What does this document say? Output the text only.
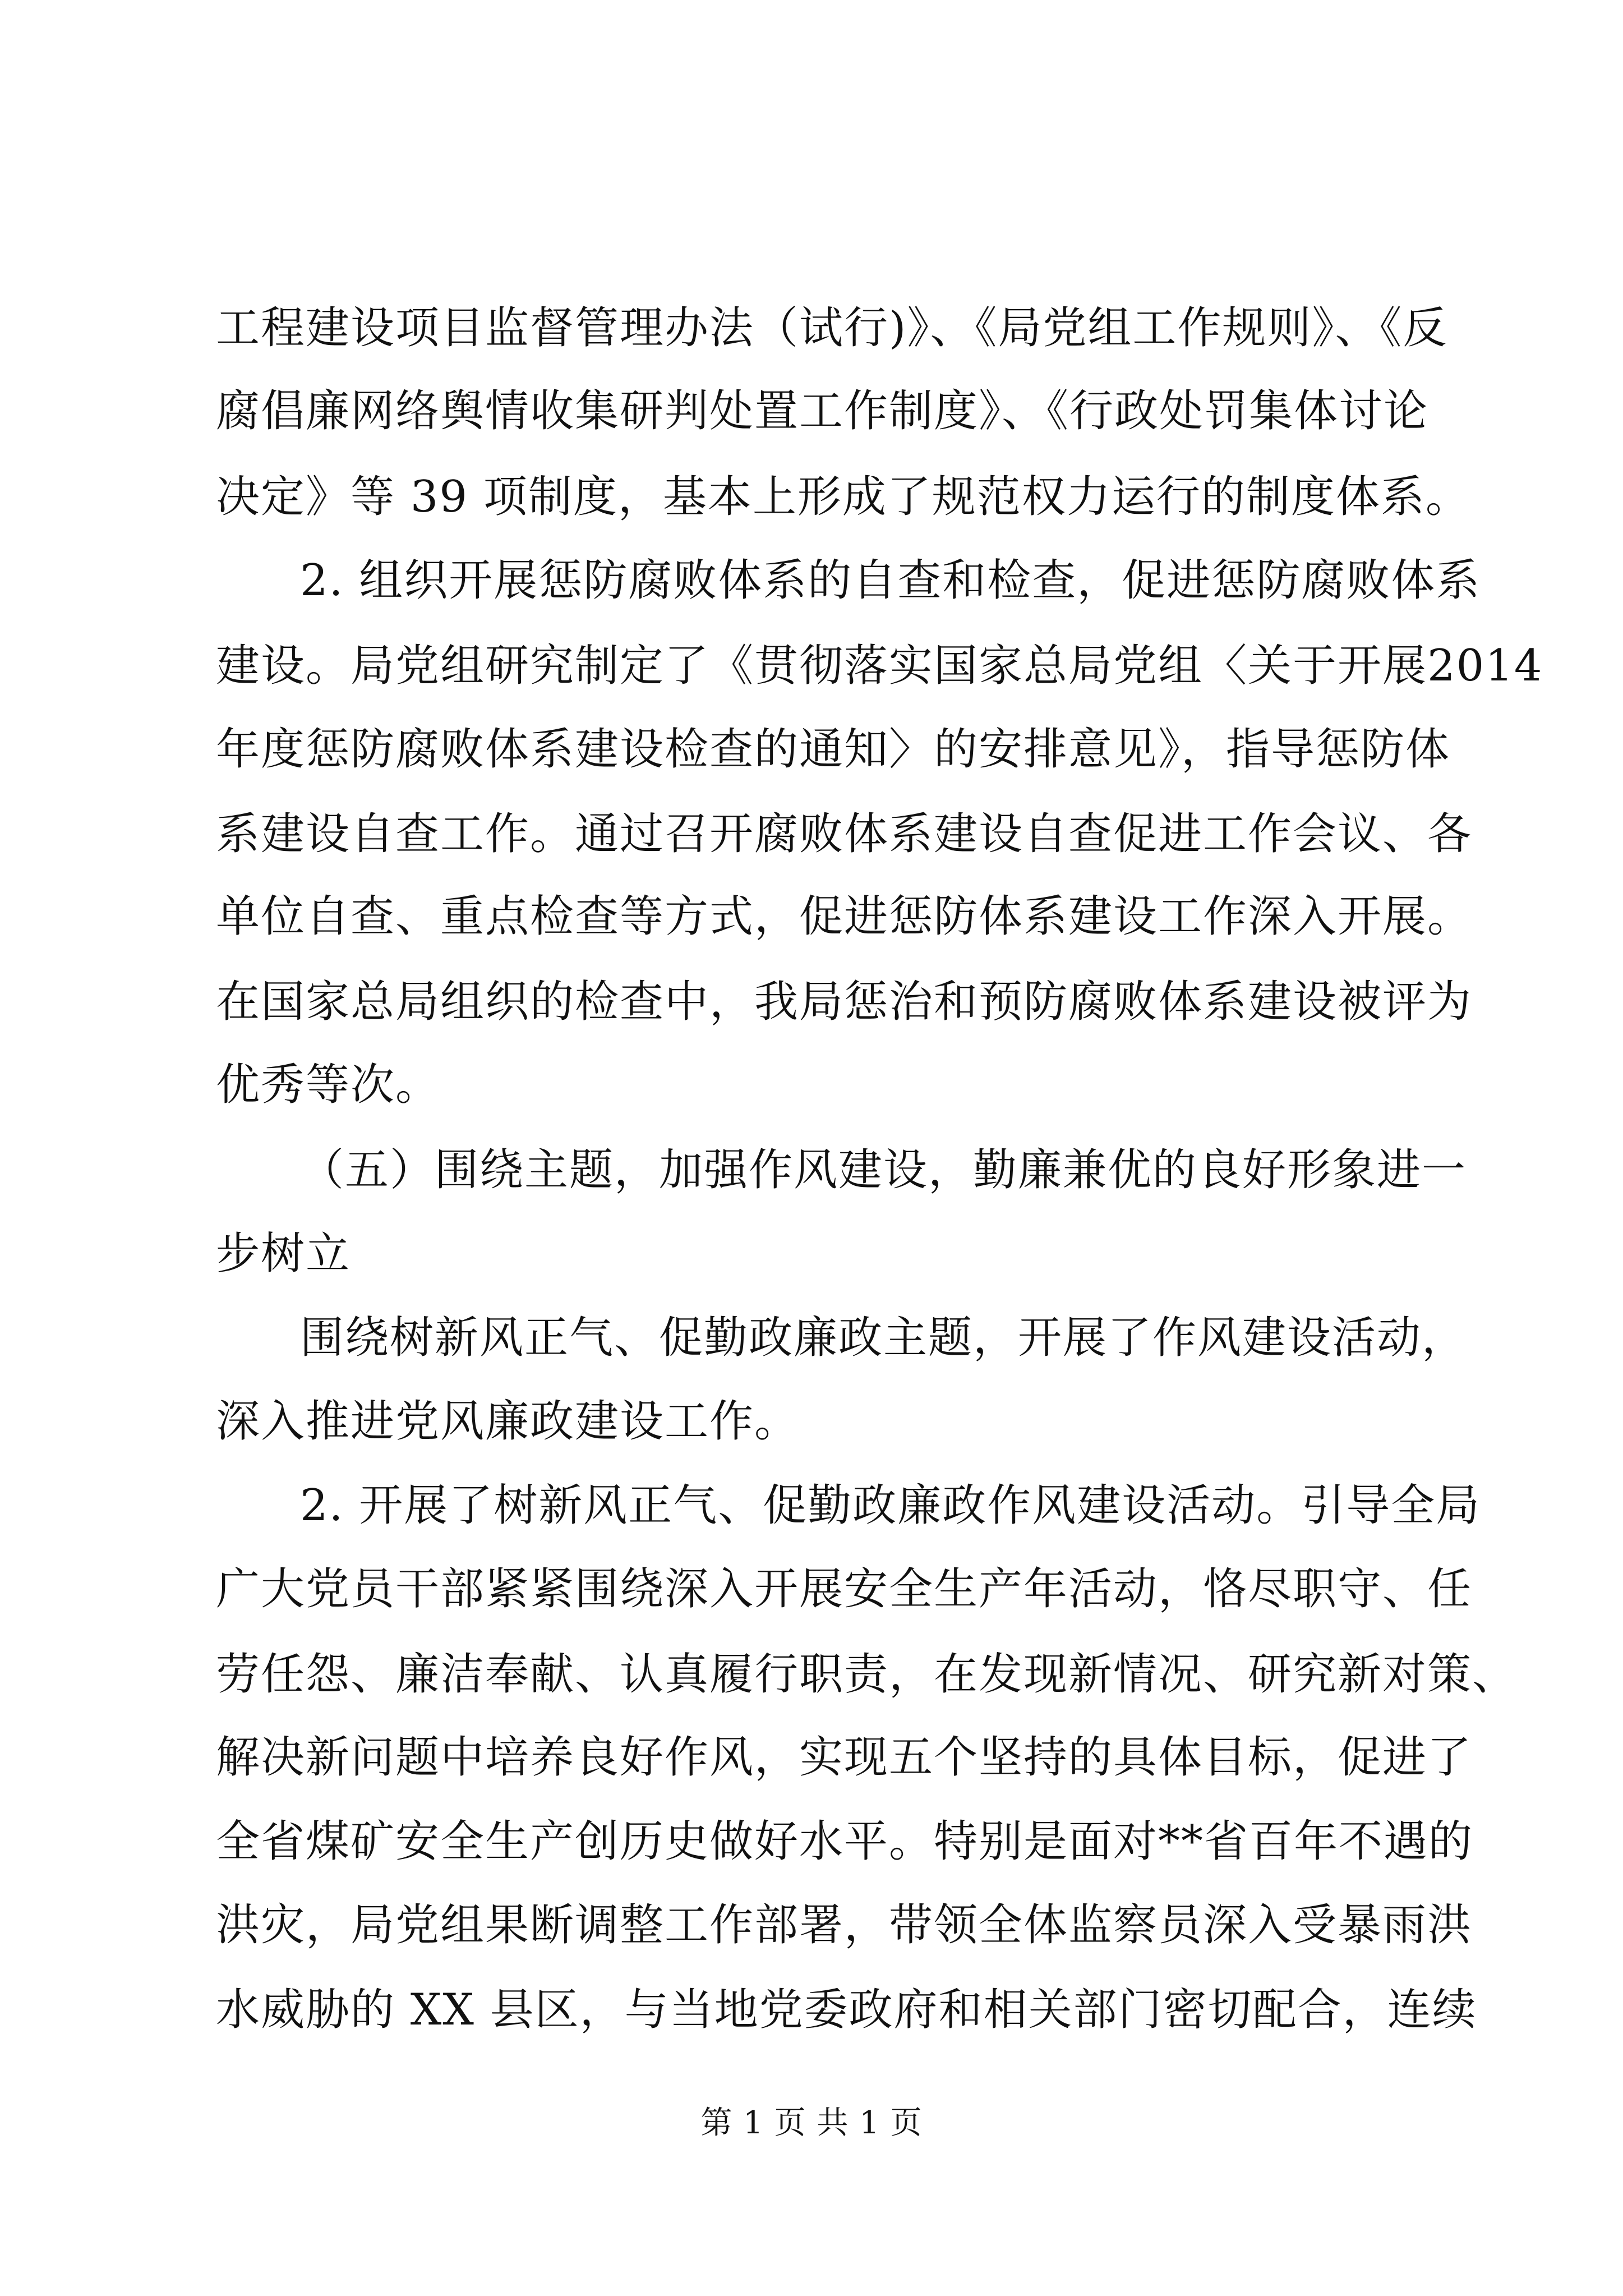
工程建设项目监督管理办法（试行)》、《局党组工作规则》、《反
腐倡廉网络舆情收集研判处置工作制度》、《行政处罚集体讨论
决定》等 39 项制度，基本上形成了规范权力运行的制度体系。
2. 组织开展惩防腐败体系的自查和检查，促进惩防腐败体系
建设。局党组研究制定了《贯彻落实国家总局党组〈关于开展2014
年度惩防腐败体系建设检查的通知〉的安排意见》，指导惩防体
系建设自查工作。通过召开腐败体系建设自查促进工作会议、各
单位自查、重点检查等方式，促进惩防体系建设工作深入开展。
在国家总局组织的检查中，我局惩治和预防腐败体系建设被评为
优秀等次。
（五）围绕主题，加强作风建设，勤廉兼优的良好形象进一
步树立
围绕树新风正气、促勤政廉政主题，开展了作风建设活动，
深入推进党风廉政建设工作。
2. 开展了树新风正气、促勤政廉政作风建设活动。引导全局
广大党员干部紧紧围绕深入开展安全生产年活动，恪尽职守、任
劳任怨、廉洁奉献、认真履行职责，在发现新情况、研究新对策、
解决新问题中培养良好作风，实现五个坚持的具体目标，促进了
全省煤矿安全生产创历史做好水平。特别是面对**省百年不遇的
洪灾，局党组果断调整工作部署，带领全体监察员深入受暴雨洪
水威胁的 XX 县区，与当地党委政府和相关部门密切配合，连续
第 1 页 共 1 页
